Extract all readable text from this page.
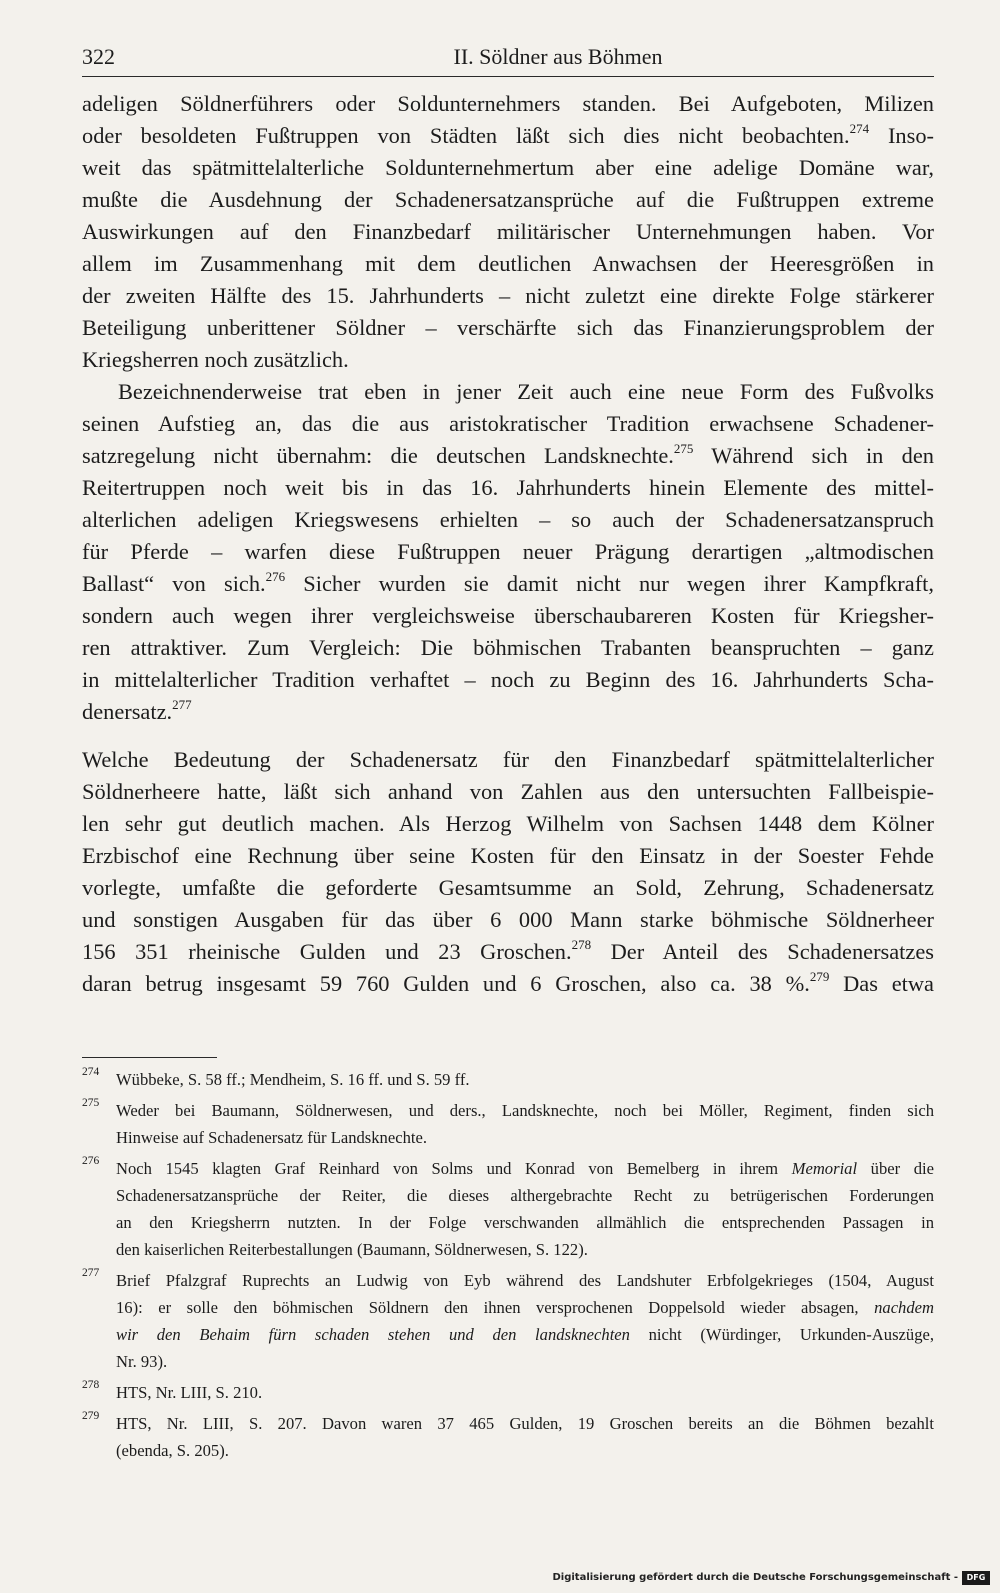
322	II. Söldner aus Böhmen
adeligen Söldnerführers oder Soldunternehmers standen. Bei Aufgeboten, Milizen
oder besoldeten Fußtruppen von Städten läßt sich dies nicht beobachten.$^{274}$ Inso-
weit das spätmittelalterliche Soldunternehmertum aber eine adelige Domäne war,
mußte die Ausdehnung der Schadenersatzansprüche auf die Fußtruppen extreme
Auswirkungen auf den Finanzbedarf militärischer Unternehmungen haben. Vor
allem im Zusammenhang mit dem deutlichen Anwachsen der Heeresgrößen in
der zweiten Hälfte des 15. Jahrhunderts – nicht zuletzt eine direkte Folge stärkerer
Beteiligung unberittener Söldner – verschärfte sich das Finanzierungsproblem der
Kriegsherren noch zusätzlich.
Bezeichnenderweise trat eben in jener Zeit auch eine neue Form des Fußvolks
seinen Aufstieg an, das die aus aristokratischer Tradition erwachsene Schadener-
satzregelung nicht übernahm: die deutschen Landsknechte.$^{275}$ Während sich in den
Reitertruppen noch weit bis in das 16. Jahrhunderts hinein Elemente des mittel-
alterlichen adeligen Kriegswesens erhielten – so auch der Schadenersatzanspruch
für Pferde – warfen diese Fußtruppen neuer Prägung derartigen „altmodischen
Ballast“ von sich.$^{276}$ Sicher wurden sie damit nicht nur wegen ihrer Kampfkraft,
sondern auch wegen ihrer vergleichsweise überschaubareren Kosten für Kriegsher-
ren attraktiver. Zum Vergleich: Die böhmischen Trabanten beanspruchten – ganz
in mittelalterlicher Tradition verhaftet – noch zu Beginn des 16. Jahrhunderts Scha-
denersatz.$^{277}$
Welche Bedeutung der Schadenersatz für den Finanzbedarf spätmittelalterlicher
Söldnerheere hatte, läßt sich anhand von Zahlen aus den untersuchten Fallbeispie-
len sehr gut deutlich machen. Als Herzog Wilhelm von Sachsen 1448 dem Kölner
Erzbischof eine Rechnung über seine Kosten für den Einsatz in der Soester Fehde
vorlegte, umfaßte die geforderte Gesamtsumme an Sold, Zehrung, Schadenersatz
und sonstigen Ausgaben für das über 6 000 Mann starke böhmische Söldnerheer
156 351 rheinische Gulden und 23 Groschen.$^{278}$ Der Anteil des Schadenersatzes
daran betrug insgesamt 59 760 Gulden und 6 Groschen, also ca. 38 %.$^{279}$ Das etwa
274 Wübbeke, S. 58 ff.; Mendheim, S. 16 ff. und S. 59 ff.
275 Weder bei Baumann, Söldnerwesen, und ders., Landsknechte, noch bei Möller, Regiment, finden sich
Hinweise auf Schadenersatz für Landsknechte.
276 Noch 1545 klagten Graf Reinhard von Solms und Konrad von Bemelberg in ihrem Memorial über die
Schadenersatzansprüche der Reiter, die dieses althergebrachte Recht zu betrügerischen Forderungen
an den Kriegsherrn nutzten. In der Folge verschwanden allmählich die entsprechenden Passagen in
den kaiserlichen Reiterbestallungen (Baumann, Söldnerwesen, S. 122).
277 Brief Pfalzgraf Ruprechts an Ludwig von Eyb während des Landshuter Erbfolgekrieges (1504, August
16): er solle den böhmischen Söldnern den ihnen versprochenen Doppelsold wieder absagen, nachdem
wir den Behaim fürn schaden stehen und den landsknechten nicht (Würdinger, Urkunden-Auszüge,
Nr. 93).
278 HTS, Nr. LIII, S. 210.
279 HTS, Nr. LIII, S. 207. Davon waren 37 465 Gulden, 19 Groschen bereits an die Böhmen bezahlt
(ebenda, S. 205).
Digitalisierung gefördert durch die Deutsche Forschungsgemeinschaft -	DFG
